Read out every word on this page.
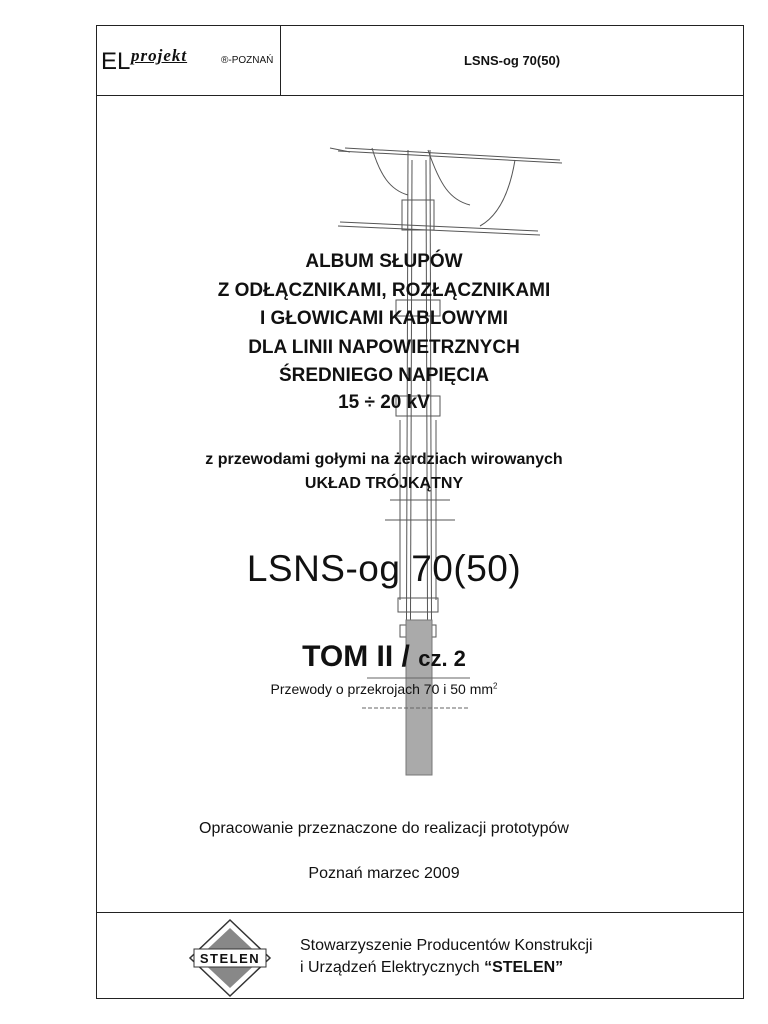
EL projekt	®-POZNAŃ	LSNS-og 70(50)
ALBUM SŁUPÓW
Z ODŁĄCZNIKAMI, ROZŁĄCZNIKAMI
I GŁOWICAMI KABLOWYMI
DLA LINII NAPOWIETRZNYCH
ŚREDNIEGO NAPIĘCIA
15 ÷ 20 kV
z przewodami gołymi na żerdziach wirowanych
UKŁAD TRÓJKĄTNY
LSNS-og 70(50)
TOM II / cz. 2
Przewody o przekrojach 70 i 50 $mm^2$
Opracowanie przeznaczone do realizacji prototypów
Poznań marzec 2009
STELEN
Stowarzyszenie Producentów Konstrukcji
i Urządzeń Elektrycznych “STELEN”
